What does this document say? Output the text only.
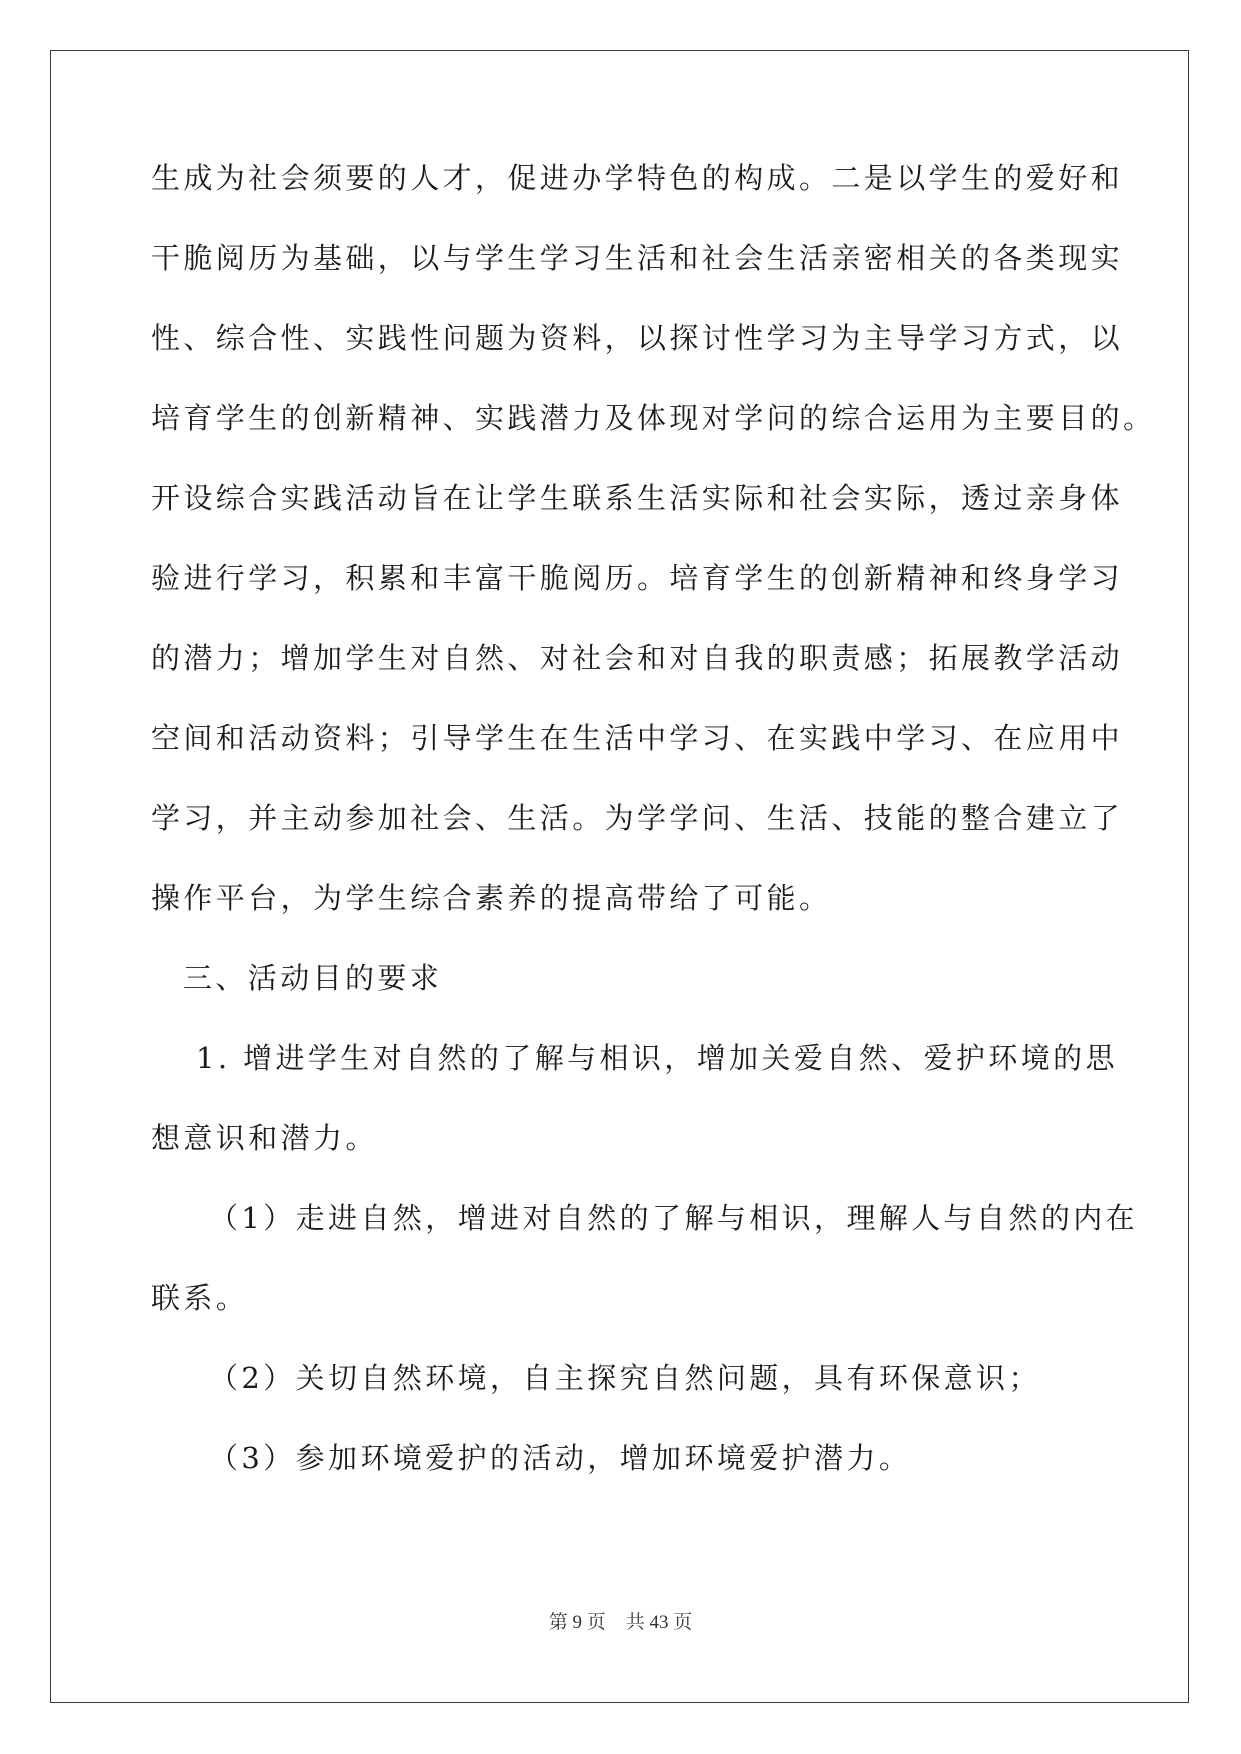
生成为社会须要的人才，促进办学特色的构成。二是以学生的爱好和
干脆阅历为基础，以与学生学习生活和社会生活亲密相关的各类现实
性、综合性、实践性问题为资料，以探讨性学习为主导学习方式，以
培育学生的创新精神、实践潜力及体现对学问的综合运用为主要目的。
开设综合实践活动旨在让学生联系生活实际和社会实际，透过亲身体
验进行学习，积累和丰富干脆阅历。培育学生的创新精神和终身学习
的潜力；增加学生对自然、对社会和对自我的职责感；拓展教学活动
空间和活动资料；引导学生在生活中学习、在实践中学习、在应用中
学习，并主动参加社会、生活。为学学问、生活、技能的整合建立了
操作平台，为学生综合素养的提高带给了可能。
三、活动目的要求
1. 增进学生对自然的了解与相识，增加关爱自然、爱护环境的思
想意识和潜力。
（1）走进自然，增进对自然的了解与相识，理解人与自然的内在
联系。
（2）关切自然环境，自主探究自然问题，具有环保意识；
（3）参加环境爱护的活动，增加环境爱护潜力。
第 9 页 共 43 页
